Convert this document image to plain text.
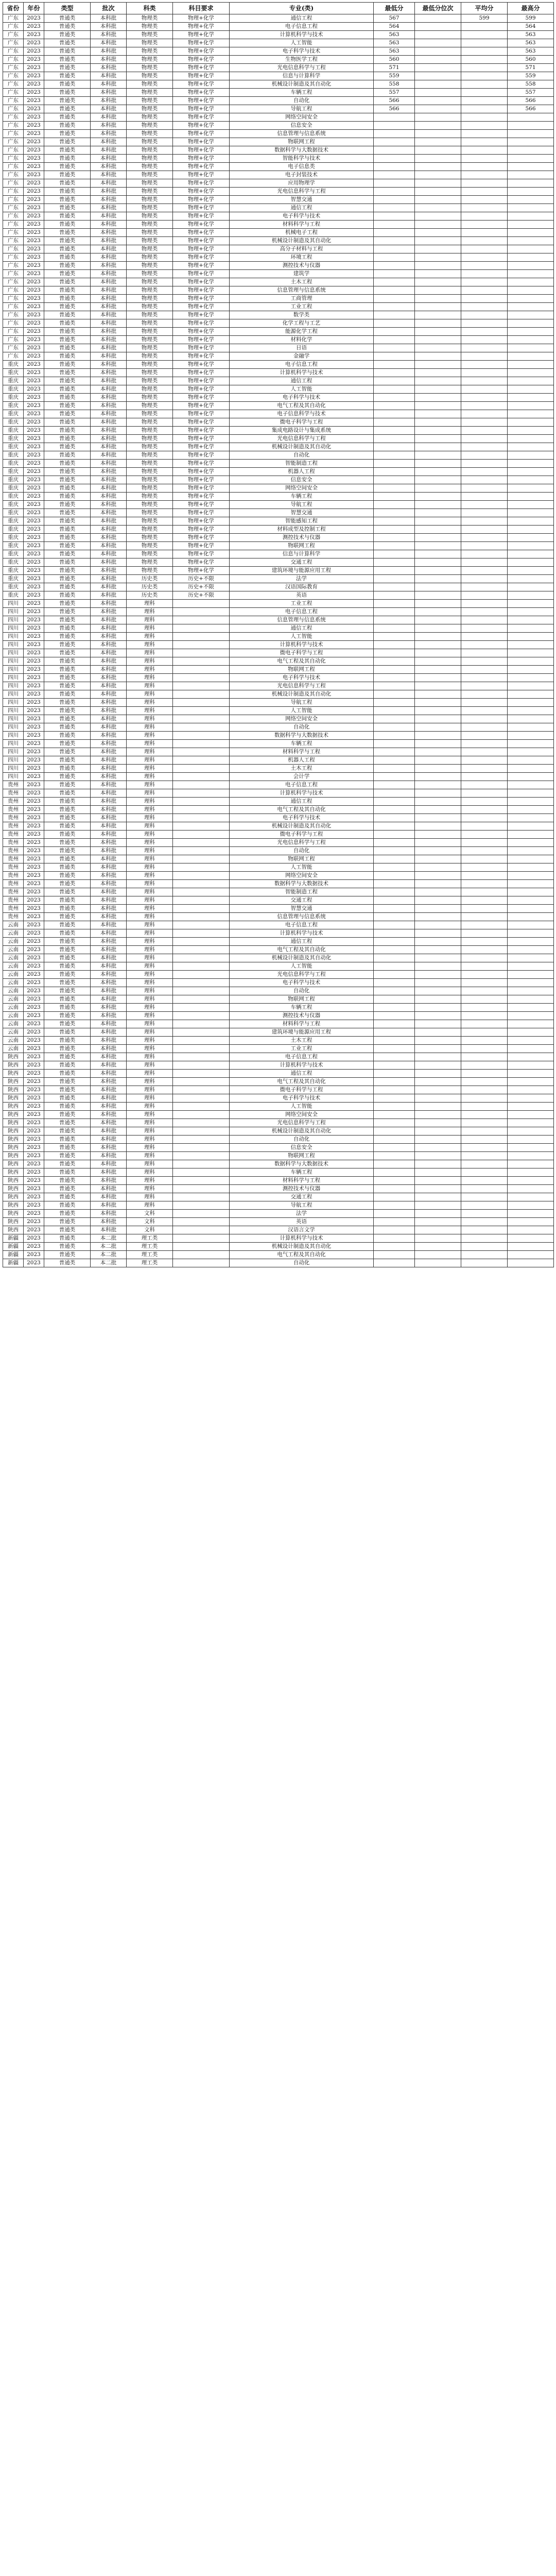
省份	年份	类型	批次	科类	科目要求	专业(类)	最低分	最低分位次	平均分	最高分
广东	2023	普通类	本科批	物理类	物理+化学	通信工程	567		599	599
广东	2023	普通类	本科批	物理类	物理+化学	电子信息工程	564			564
广东	2023	普通类	本科批	物理类	物理+化学	计算机科学与技术	563			563
广东	2023	普通类	本科批	物理类	物理+化学	人工智能	563			563
广东	2023	普通类	本科批	物理类	物理+化学	电子科学与技术	563			563
广东	2023	普通类	本科批	物理类	物理+化学	生物医学工程	560			560
广东	2023	普通类	本科批	物理类	物理+化学	光电信息科学与工程	571			571
广东	2023	普通类	本科批	物理类	物理+化学	信息与计算科学	559			559
广东	2023	普通类	本科批	物理类	物理+化学	机械设计制造及其自动化	558			558
广东	2023	普通类	本科批	物理类	物理+化学	车辆工程	557			557
广东	2023	普通类	本科批	物理类	物理+化学	自动化	566			566
广东	2023	普通类	本科批	物理类	物理+化学	导航工程	566			566
广东	2023	普通类	本科批	物理类	物理+化学	网络空间安全				
广东	2023	普通类	本科批	物理类	物理+化学	信息安全				
广东	2023	普通类	本科批	物理类	物理+化学	信息管理与信息系统				
广东	2023	普通类	本科批	物理类	物理+化学	物联网工程				
广东	2023	普通类	本科批	物理类	物理+化学	数据科学与大数据技术				
广东	2023	普通类	本科批	物理类	物理+化学	智能科学与技术				
广东	2023	普通类	本科批	物理类	物理+化学	电子信息类				
广东	2023	普通类	本科批	物理类	物理+化学	电子封装技术				
广东	2023	普通类	本科批	物理类	物理+化学	应用物理学				
广东	2023	普通类	本科批	物理类	物理+化学	光电信息科学与工程				
广东	2023	普通类	本科批	物理类	物理+化学	智慧交通				
广东	2023	普通类	本科批	物理类	物理+化学	通信工程				
广东	2023	普通类	本科批	物理类	物理+化学	电子科学与技术				
广东	2023	普通类	本科批	物理类	物理+化学	材料科学与工程				
广东	2023	普通类	本科批	物理类	物理+化学	机械电子工程				
广东	2023	普通类	本科批	物理类	物理+化学	机械设计制造及其自动化				
广东	2023	普通类	本科批	物理类	物理+化学	高分子材料与工程				
广东	2023	普通类	本科批	物理类	物理+化学	环境工程				
广东	2023	普通类	本科批	物理类	物理+化学	测控技术与仪器				
广东	2023	普通类	本科批	物理类	物理+化学	建筑学				
广东	2023	普通类	本科批	物理类	物理+化学	土木工程				
广东	2023	普通类	本科批	物理类	物理+化学	信息管理与信息系统				
广东	2023	普通类	本科批	物理类	物理+化学	工商管理				
广东	2023	普通类	本科批	物理类	物理+化学	工业工程				
广东	2023	普通类	本科批	物理类	物理+化学	数学类				
广东	2023	普通类	本科批	物理类	物理+化学	化学工程与工艺				
广东	2023	普通类	本科批	物理类	物理+化学	能源化学工程				
广东	2023	普通类	本科批	物理类	物理+化学	材料化学				
广东	2023	普通类	本科批	物理类	物理+化学	日语				
广东	2023	普通类	本科批	物理类	物理+化学	金融学				
重庆	2023	普通类	本科批	物理类	物理+化学	电子信息工程				
重庆	2023	普通类	本科批	物理类	物理+化学	计算机科学与技术				
重庆	2023	普通类	本科批	物理类	物理+化学	通信工程				
重庆	2023	普通类	本科批	物理类	物理+化学	人工智能				
重庆	2023	普通类	本科批	物理类	物理+化学	电子科学与技术				
重庆	2023	普通类	本科批	物理类	物理+化学	电气工程及其自动化				
重庆	2023	普通类	本科批	物理类	物理+化学	电子信息科学与技术				
重庆	2023	普通类	本科批	物理类	物理+化学	微电子科学与工程				
重庆	2023	普通类	本科批	物理类	物理+化学	集成电路设计与集成系统				
重庆	2023	普通类	本科批	物理类	物理+化学	光电信息科学与工程				
重庆	2023	普通类	本科批	物理类	物理+化学	机械设计制造及其自动化				
重庆	2023	普通类	本科批	物理类	物理+化学	自动化				
重庆	2023	普通类	本科批	物理类	物理+化学	智能制造工程				
重庆	2023	普通类	本科批	物理类	物理+化学	机器人工程				
重庆	2023	普通类	本科批	物理类	物理+化学	信息安全				
重庆	2023	普通类	本科批	物理类	物理+化学	网络空间安全				
重庆	2023	普通类	本科批	物理类	物理+化学	车辆工程				
重庆	2023	普通类	本科批	物理类	物理+化学	导航工程				
重庆	2023	普通类	本科批	物理类	物理+化学	智慧交通				
重庆	2023	普通类	本科批	物理类	物理+化学	智能感知工程				
重庆	2023	普通类	本科批	物理类	物理+化学	材料成型及控制工程				
重庆	2023	普通类	本科批	物理类	物理+化学	测控技术与仪器				
重庆	2023	普通类	本科批	物理类	物理+化学	物联网工程				
重庆	2023	普通类	本科批	物理类	物理+化学	信息与计算科学				
重庆	2023	普通类	本科批	物理类	物理+化学	交通工程				
重庆	2023	普通类	本科批	物理类	物理+化学	建筑环境与能源应用工程				
重庆	2023	普通类	本科批	历史类	历史+不限	法学				
重庆	2023	普通类	本科批	历史类	历史+不限	汉语国际教育				
重庆	2023	普通类	本科批	历史类	历史+不限	英语				
四川	2023	普通类	本科批	理科		工业工程				
四川	2023	普通类	本科批	理科		电子信息工程				
四川	2023	普通类	本科批	理科		信息管理与信息系统				
四川	2023	普通类	本科批	理科		通信工程				
四川	2023	普通类	本科批	理科		人工智能				
四川	2023	普通类	本科批	理科		计算机科学与技术				
四川	2023	普通类	本科批	理科		微电子科学与工程				
四川	2023	普通类	本科批	理科		电气工程及其自动化				
四川	2023	普通类	本科批	理科		物联网工程				
四川	2023	普通类	本科批	理科		电子科学与技术				
四川	2023	普通类	本科批	理科		光电信息科学与工程				
四川	2023	普通类	本科批	理科		机械设计制造及其自动化				
四川	2023	普通类	本科批	理科		导航工程				
四川	2023	普通类	本科批	理科		人工智能				
四川	2023	普通类	本科批	理科		网络空间安全				
四川	2023	普通类	本科批	理科		自动化				
四川	2023	普通类	本科批	理科		数据科学与大数据技术				
四川	2023	普通类	本科批	理科		车辆工程				
四川	2023	普通类	本科批	理科		材料科学与工程				
四川	2023	普通类	本科批	理科		机器人工程				
四川	2023	普通类	本科批	理科		土木工程				
四川	2023	普通类	本科批	理科		会计学				
贵州	2023	普通类	本科批	理科		电子信息工程				
贵州	2023	普通类	本科批	理科		计算机科学与技术				
贵州	2023	普通类	本科批	理科		通信工程				
贵州	2023	普通类	本科批	理科		电气工程及其自动化				
贵州	2023	普通类	本科批	理科		电子科学与技术				
贵州	2023	普通类	本科批	理科		机械设计制造及其自动化				
贵州	2023	普通类	本科批	理科		微电子科学与工程				
贵州	2023	普通类	本科批	理科		光电信息科学与工程				
贵州	2023	普通类	本科批	理科		自动化				
贵州	2023	普通类	本科批	理科		物联网工程				
贵州	2023	普通类	本科批	理科		人工智能				
贵州	2023	普通类	本科批	理科		网络空间安全				
贵州	2023	普通类	本科批	理科		数据科学与大数据技术				
贵州	2023	普通类	本科批	理科		智能制造工程				
贵州	2023	普通类	本科批	理科		交通工程				
贵州	2023	普通类	本科批	理科		智慧交通				
贵州	2023	普通类	本科批	理科		信息管理与信息系统				
云南	2023	普通类	本科批	理科		电子信息工程				
云南	2023	普通类	本科批	理科		计算机科学与技术				
云南	2023	普通类	本科批	理科		通信工程				
云南	2023	普通类	本科批	理科		电气工程及其自动化				
云南	2023	普通类	本科批	理科		机械设计制造及其自动化				
云南	2023	普通类	本科批	理科		人工智能				
云南	2023	普通类	本科批	理科		光电信息科学与工程				
云南	2023	普通类	本科批	理科		电子科学与技术				
云南	2023	普通类	本科批	理科		自动化				
云南	2023	普通类	本科批	理科		物联网工程				
云南	2023	普通类	本科批	理科		车辆工程				
云南	2023	普通类	本科批	理科		测控技术与仪器				
云南	2023	普通类	本科批	理科		材料科学与工程				
云南	2023	普通类	本科批	理科		建筑环境与能源应用工程				
云南	2023	普通类	本科批	理科		土木工程				
云南	2023	普通类	本科批	理科		工业工程				
陕西	2023	普通类	本科批	理科		电子信息工程				
陕西	2023	普通类	本科批	理科		计算机科学与技术				
陕西	2023	普通类	本科批	理科		通信工程				
陕西	2023	普通类	本科批	理科		电气工程及其自动化				
陕西	2023	普通类	本科批	理科		微电子科学与工程				
陕西	2023	普通类	本科批	理科		电子科学与技术				
陕西	2023	普通类	本科批	理科		人工智能				
陕西	2023	普通类	本科批	理科		网络空间安全				
陕西	2023	普通类	本科批	理科		光电信息科学与工程				
陕西	2023	普通类	本科批	理科		机械设计制造及其自动化				
陕西	2023	普通类	本科批	理科		自动化				
陕西	2023	普通类	本科批	理科		信息安全				
陕西	2023	普通类	本科批	理科		物联网工程				
陕西	2023	普通类	本科批	理科		数据科学与大数据技术				
陕西	2023	普通类	本科批	理科		车辆工程				
陕西	2023	普通类	本科批	理科		材料科学与工程				
陕西	2023	普通类	本科批	理科		测控技术与仪器				
陕西	2023	普通类	本科批	理科		交通工程				
陕西	2023	普通类	本科批	理科		导航工程				
陕西	2023	普通类	本科批	文科		法学				
陕西	2023	普通类	本科批	文科		英语				
陕西	2023	普通类	本科批	文科		汉语言文学				
新疆	2023	普通类	本二批	理工类		计算机科学与技术				
新疆	2023	普通类	本二批	理工类		机械设计制造及其自动化				
新疆	2023	普通类	本二批	理工类		电气工程及其自动化				
新疆	2023	普通类	本二批	理工类		自动化				
